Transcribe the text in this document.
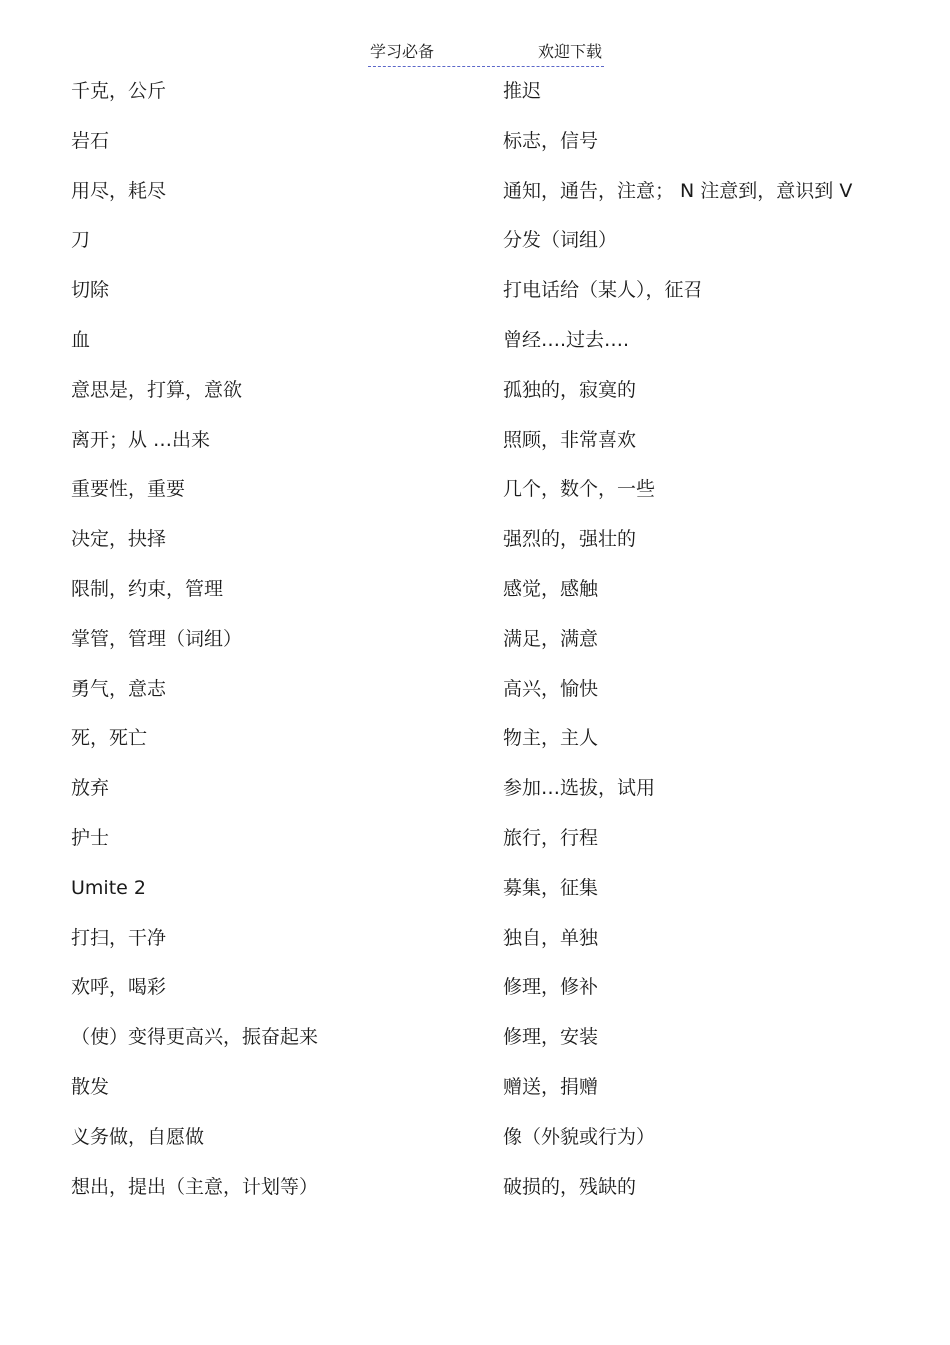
学习必备	欢迎下载
千克，公斤
岩石
用尽，耗尽
刀
切除
血
意思是，打算，意欲
离开；从 …出来
重要性，重要
决定，抉择
限制，约束，管理
掌管，管理（词组）
勇气，意志
死，死亡
放弃
护士
Umite 2
打扫，干净
欢呼，喝彩
（使）变得更高兴，振奋起来
散发
义务做，自愿做
想出，提出（主意，计划等）
推迟
标志，信号
通知，通告，注意； N 注意到，意识到 V
分发（词组）
打电话给（某人），征召
曾经….过去….
孤独的，寂寞的
照顾，非常喜欢
几个，数个，一些
强烈的，强壮的
感觉，感触
满足，满意
高兴，愉快
物主，主人
参加…选拔，试用
旅行，行程
募集，征集
独自，单独
修理，修补
修理，安装
赠送，捐赠
像（外貌或行为）
破损的，残缺的
